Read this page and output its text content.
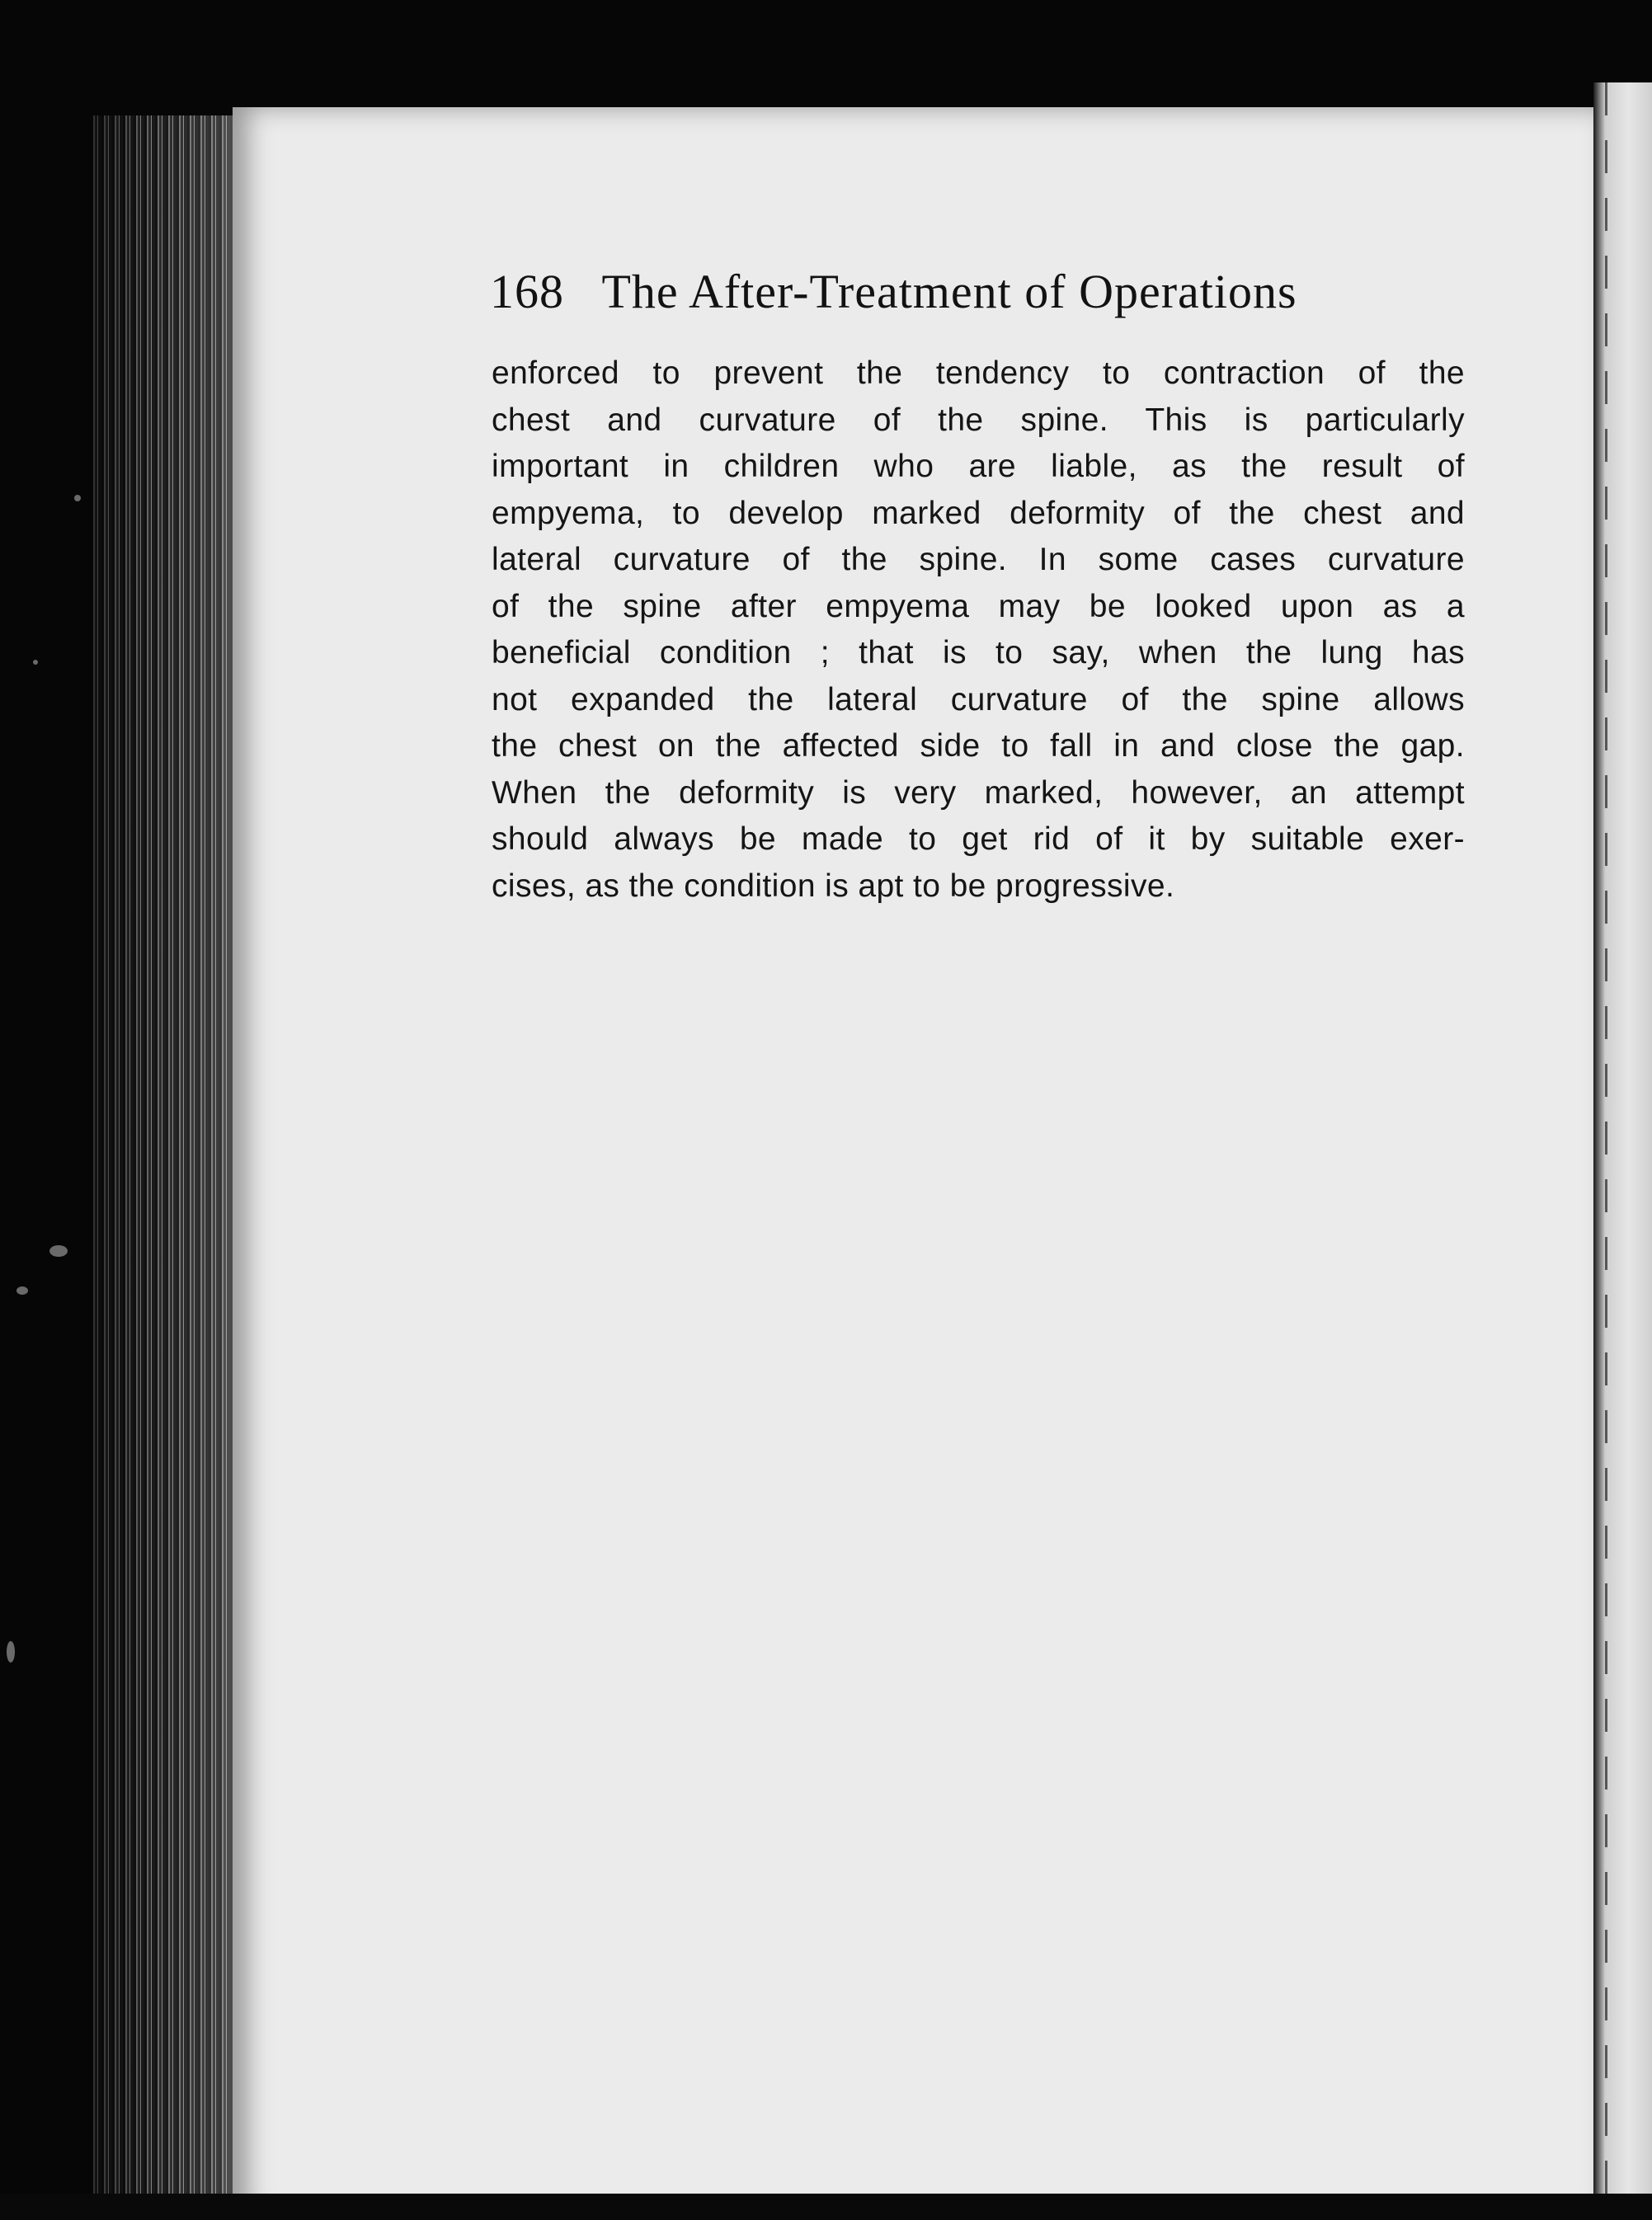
168 The After-Treatment of Operations
enforced to prevent the tendency to contraction of the
chest and curvature of the spine. This is particularly
important in children who are liable, as the result of
empyema, to develop marked deformity of the chest and
lateral curvature of the spine. In some cases curvature
of the spine after empyema may be looked upon as a
beneficial condition ; that is to say, when the lung has
not expanded the lateral curvature of the spine allows
the chest on the affected side to fall in and close the gap.
When the deformity is very marked, however, an attempt
should always be made to get rid of it by suitable exer-
cises, as the condition is apt to be progressive.
